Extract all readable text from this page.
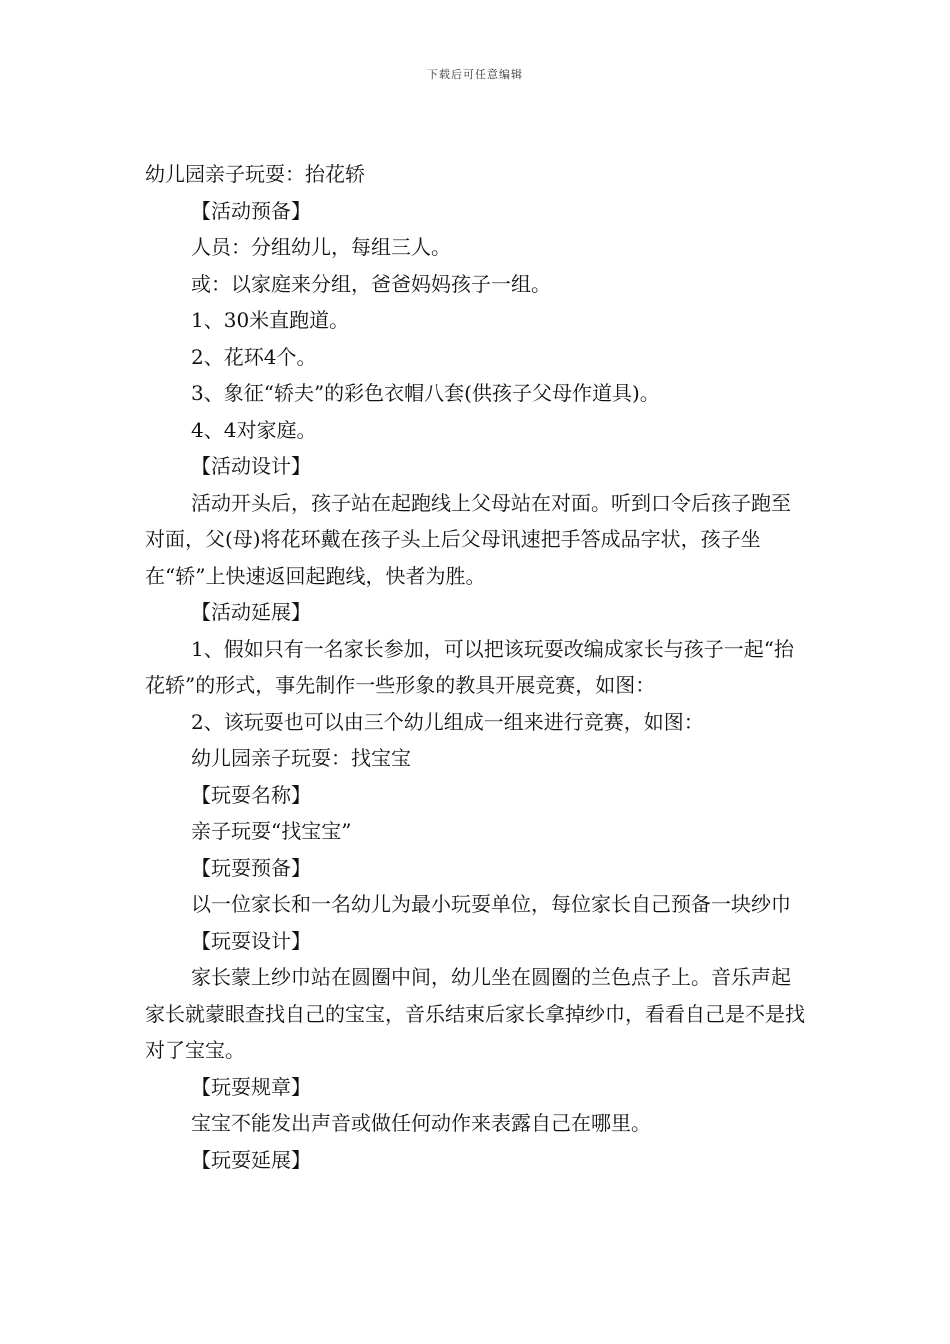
下载后可任意编辑

幼儿园亲子玩耍：抬花轿

【活动预备】

人员：分组幼儿，每组三人。

或：以家庭来分组，爸爸妈妈孩子一组。

1、30米直跑道。

2、花环4个。

3、象征“轿夫”的彩色衣帽八套(供孩子父母作道具)。

4、4对家庭。

【活动设计】

活动开头后，孩子站在起跑线上父母站在对面。听到口令后孩子跑至对面，父(母)将花环戴在孩子头上后父母讯速把手答成品字状，孩子坐在“轿”上快速返回起跑线，快者为胜。

【活动延展】

1、假如只有一名家长参加，可以把该玩耍改编成家长与孩子一起“抬花轿”的形式，事先制作一些形象的教具开展竞赛，如图：

2、该玩耍也可以由三个幼儿组成一组来进行竞赛，如图：

幼儿园亲子玩耍：找宝宝

【玩耍名称】

亲子玩耍“找宝宝”

【玩耍预备】

以一位家长和一名幼儿为最小玩耍单位，每位家长自己预备一块纱巾

【玩耍设计】

家长蒙上纱巾站在圆圈中间，幼儿坐在圆圈的兰色点子上。音乐声起家长就蒙眼查找自己的宝宝，音乐结束后家长拿掉纱巾，看看自己是不是找对了宝宝。

【玩耍规章】

宝宝不能发出声音或做任何动作来表露自己在哪里。

【玩耍延展】
